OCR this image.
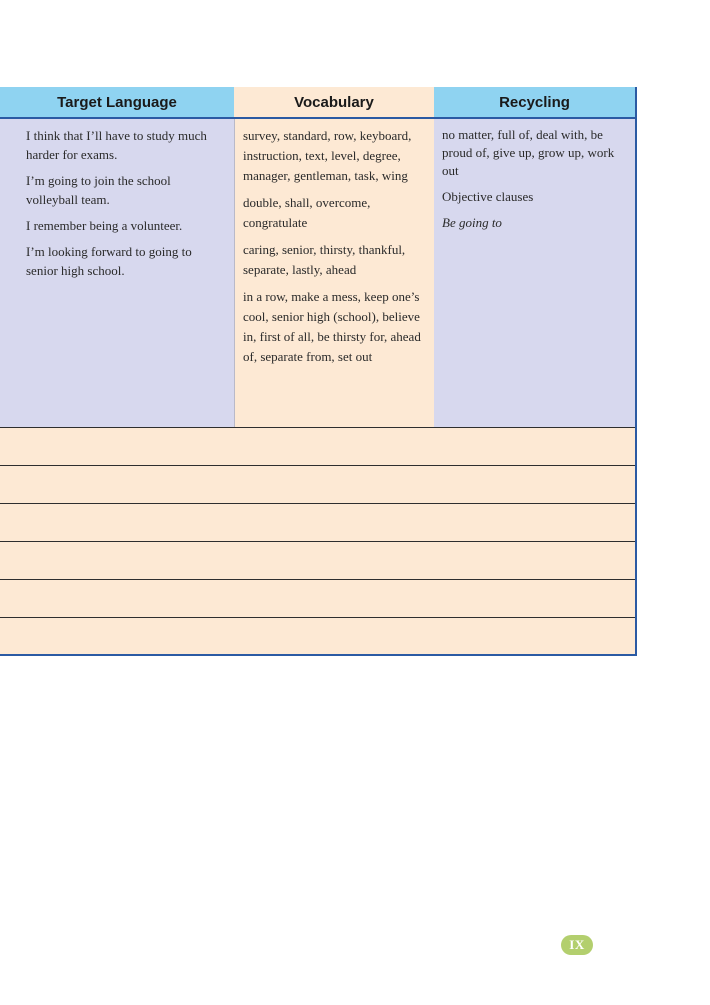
Target Language	Vocabulary	Recycling

I think that I’ll have to study much harder for exams.

I’m going to join the school volleyball team.

I remember being a volunteer.

I’m looking forward to going to senior high school.

survey, standard, row, keyboard, instruction, text, level, degree, manager, gentleman, task, wing

double, shall, overcome, congratulate

caring, senior, thirsty, thankful, separate, lastly, ahead

in a row, make a mess, keep one’s cool, senior high (school), believe in, first of all, be thirsty for, ahead of, separate from, set out

no matter, full of, deal with, be proud of, give up, grow up, work out

Objective clauses

Be going to

IX
